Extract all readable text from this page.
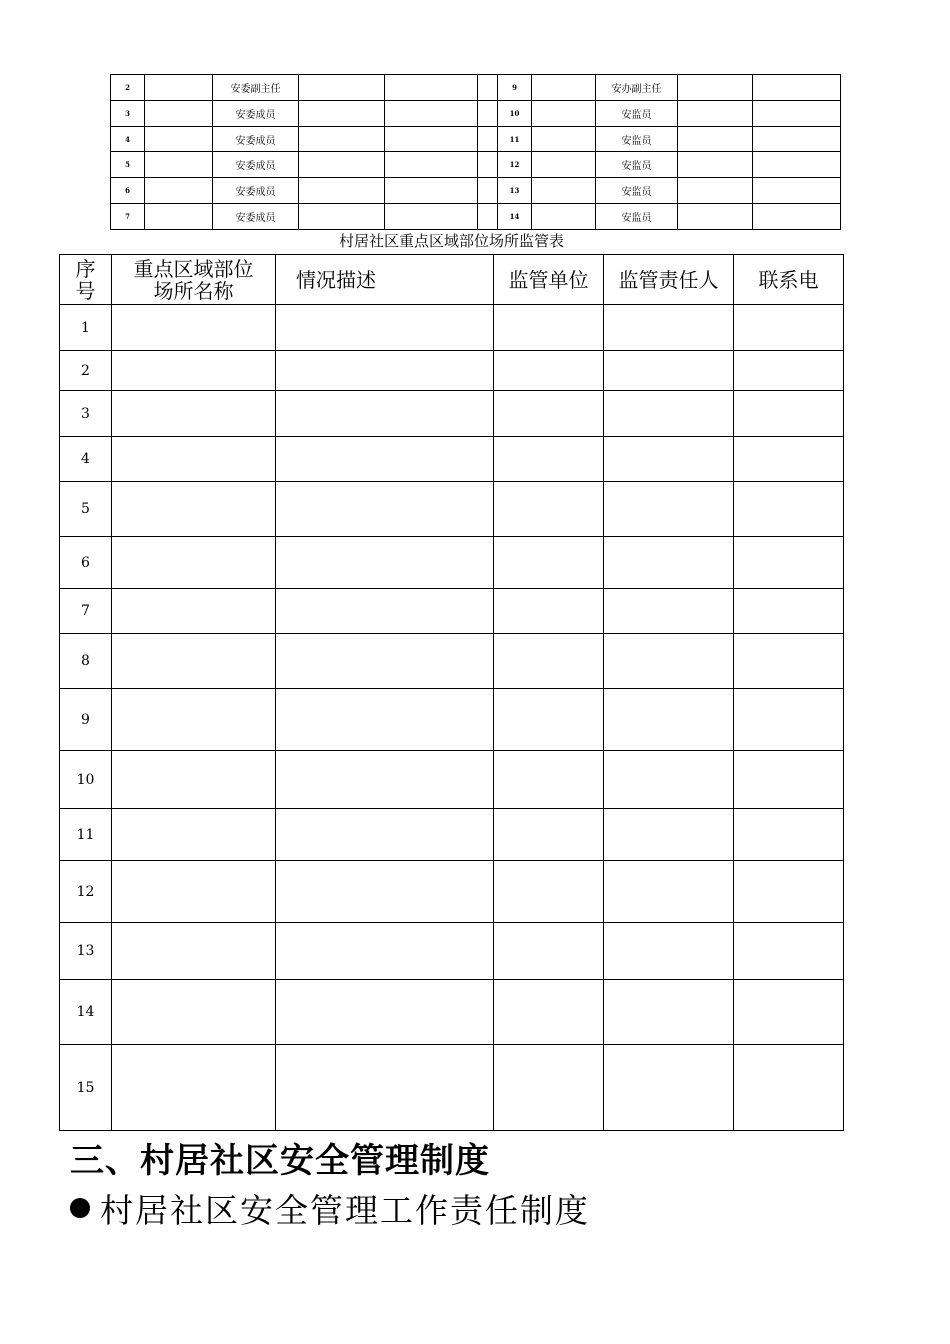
2		安委副主任				9		安办副主任		
3		安委成员				10		安监员		
4		安委成员				11		安监员		
5		安委成员				12		安监员		
6		安委成员				13		安监员		
7		安委成员				14		安监员		
村居社区重点区域部位场所监管表
序号	重点区域部位场所名称	情况描述	监管单位	监管责任人	联系电
1					
2					
3					
4					
5					
6					
7					
8					
9					
10					
11					
12					
13					
14					
15					
三、村居社区安全管理制度
村居社区安全管理工作责任制度
